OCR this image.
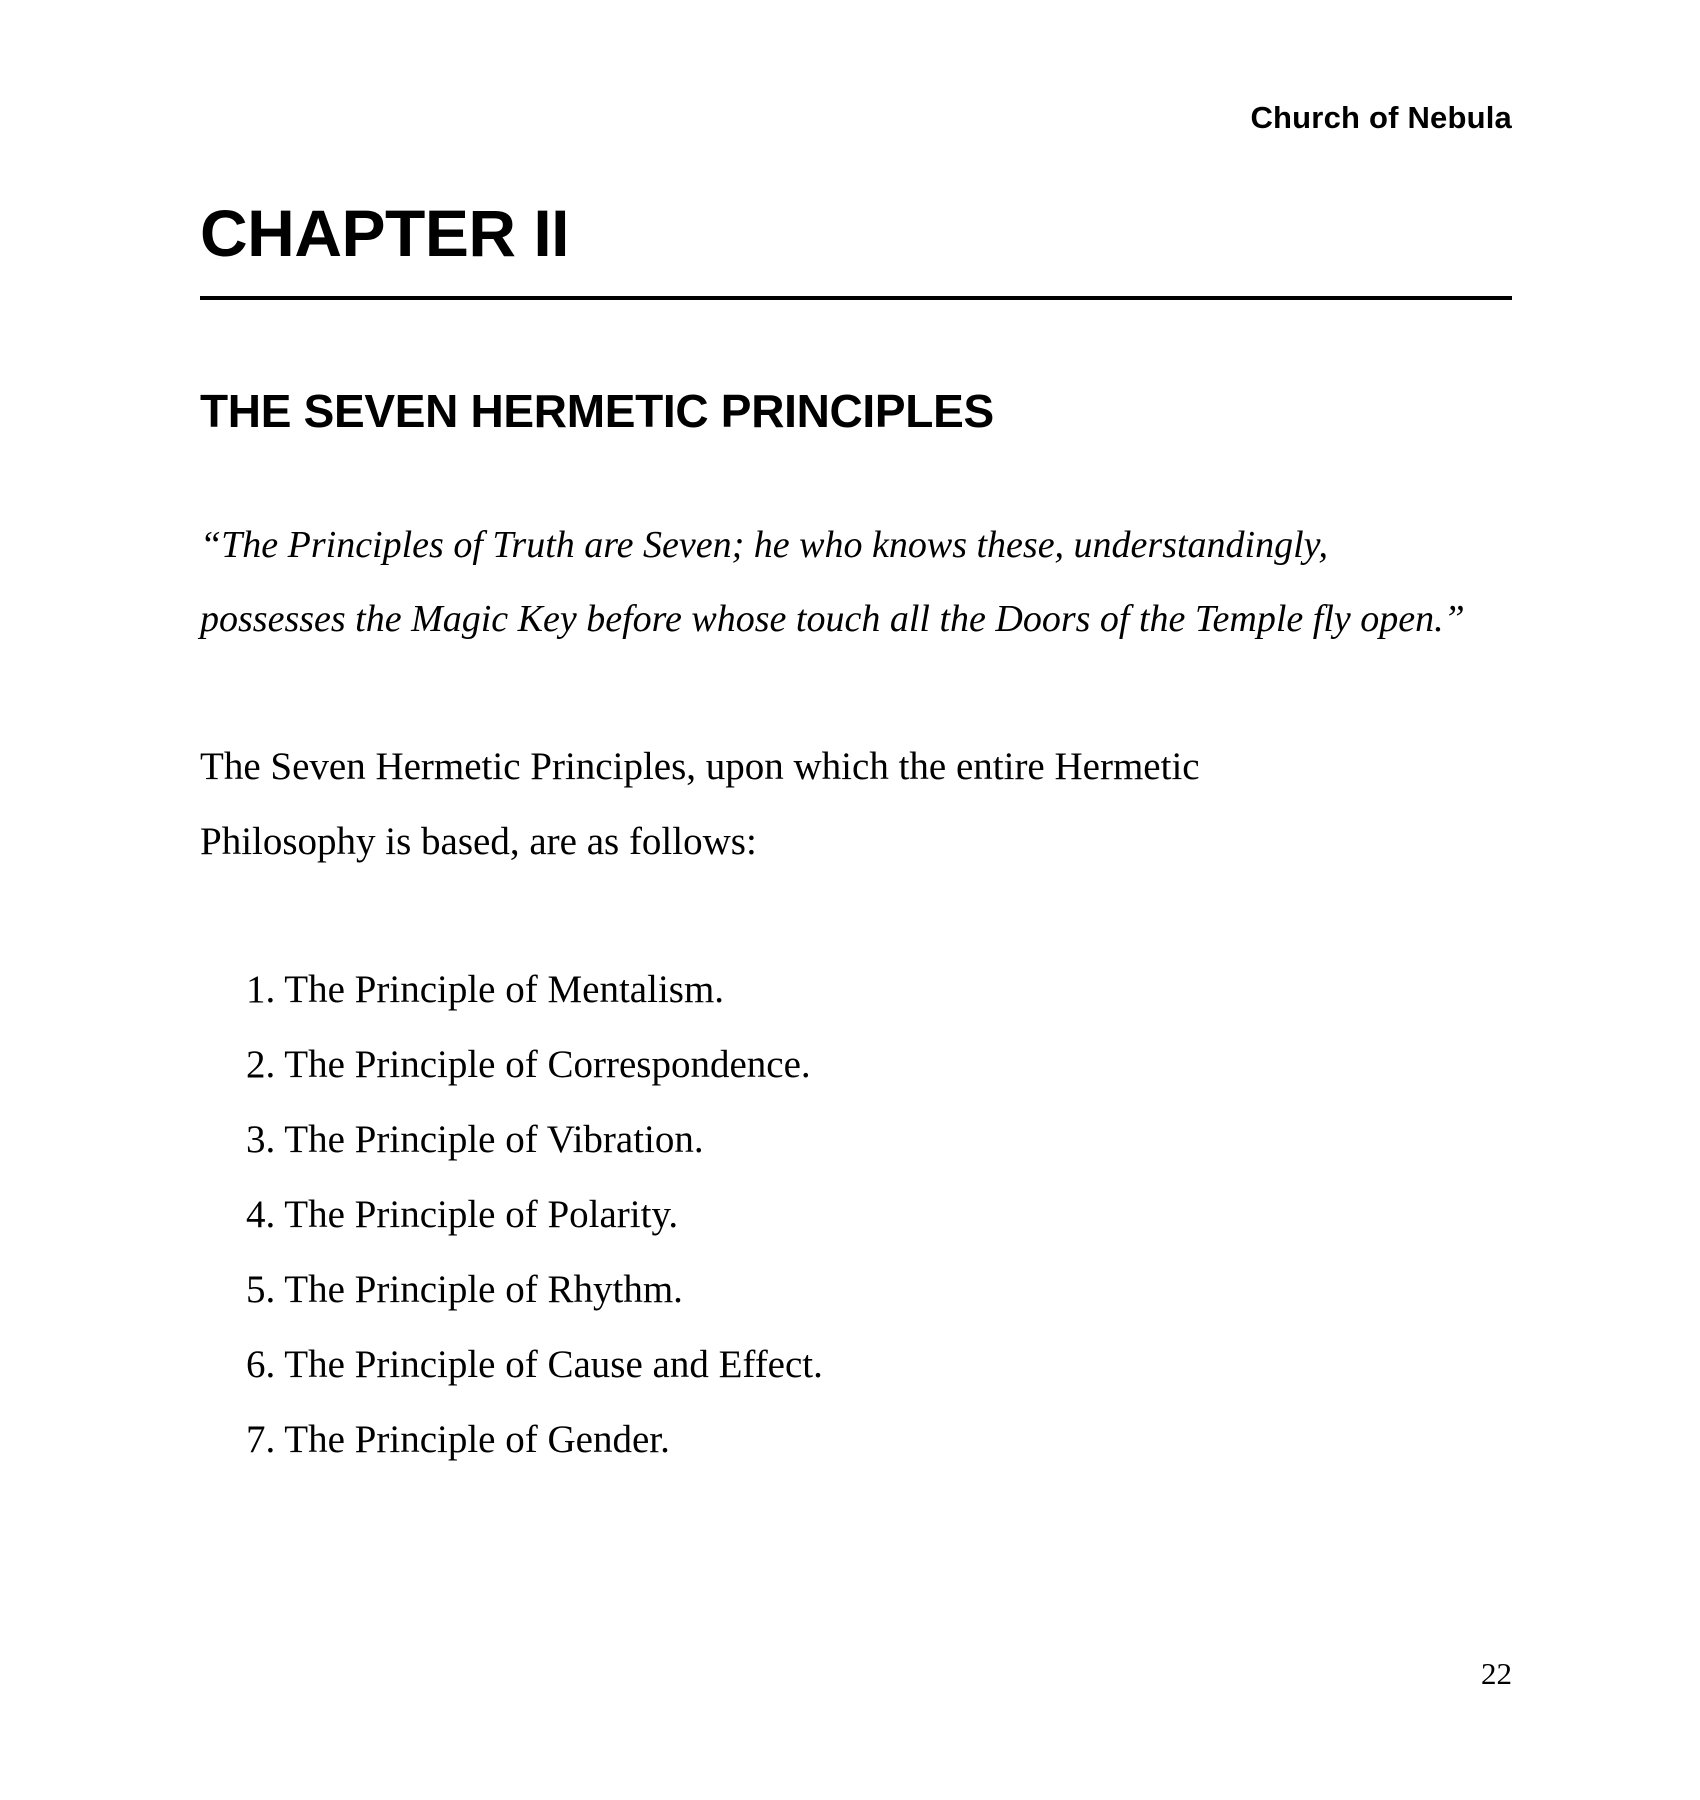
Church of Nebula
CHAPTER II
THE SEVEN HERMETIC PRINCIPLES

“The Principles of Truth are Seven; he who knows these, understandingly,
possesses the Magic Key before whose touch all the Doors of the Temple fly open.”

The Seven Hermetic Principles, upon which the entire Hermetic
Philosophy is based, are as follows:

1. The Principle of Mentalism.
2. The Principle of Correspondence.
3. The Principle of Vibration.
4. The Principle of Polarity.
5. The Principle of Rhythm.
6. The Principle of Cause and Effect.
7. The Principle of Gender.
22
